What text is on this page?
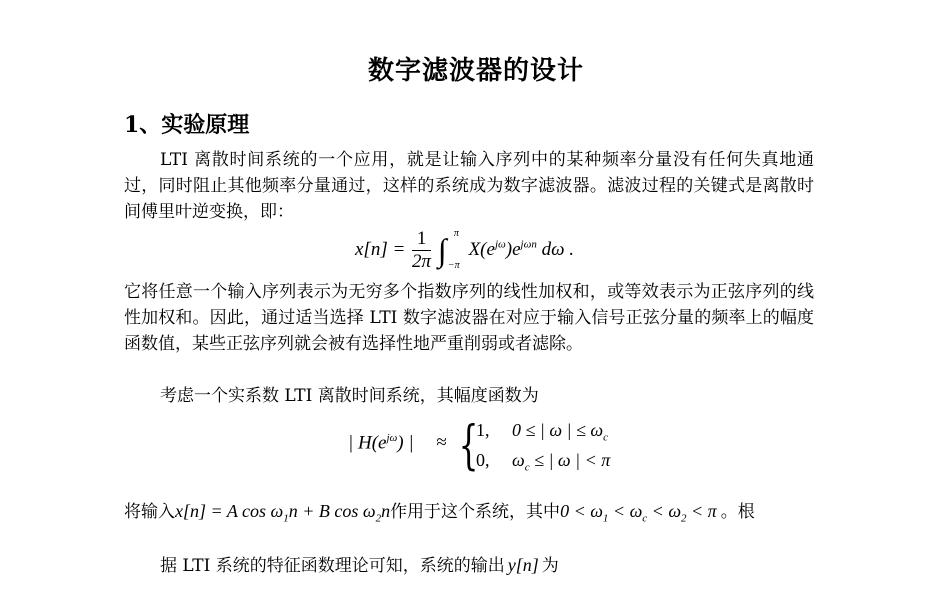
数字滤波器的设计
1、实验原理
LTI 离散时间系统的一个应用，就是让输入序列中的某种频率分量没有任何失真地通过，同时阻止其他频率分量通过，这样的系统成为数字滤波器。滤波过程的关键式是离散时间傅里叶逆变换，即：
$x[n] = \frac{1}{2\pi}$ ∫ π
−π
$X(e^{j\omega})e^{j\omega n}$ dω .
它将任意一个输入序列表示为无穷多个指数序列的线性加权和，或等效表示为正弦序列的线性加权和。因此，通过适当选择 LTI 数字滤波器在对应于输入信号正弦分量的频率上的幅度函数值，某些正弦序列就会被有选择性地严重削弱或者滤除。
考虑一个实系数 LTI 离散时间系统，其幅度函数为
| $H(e^{j\omega})$ | ≈ {
1, 0 ≤ | ω | ≤ $\omega_c$
0, $\omega_c$ ≤ | ω | < π
将输入x[n] = A $\cos \omega_1n + B$ $\cos \omega_2n$作用于这个系统，其中$0 < \omega_1 < \omega_c < \omega_2 < \pi$ 。根
据 LTI 系统的特征函数理论可知，系统的输出 y[n] 为
